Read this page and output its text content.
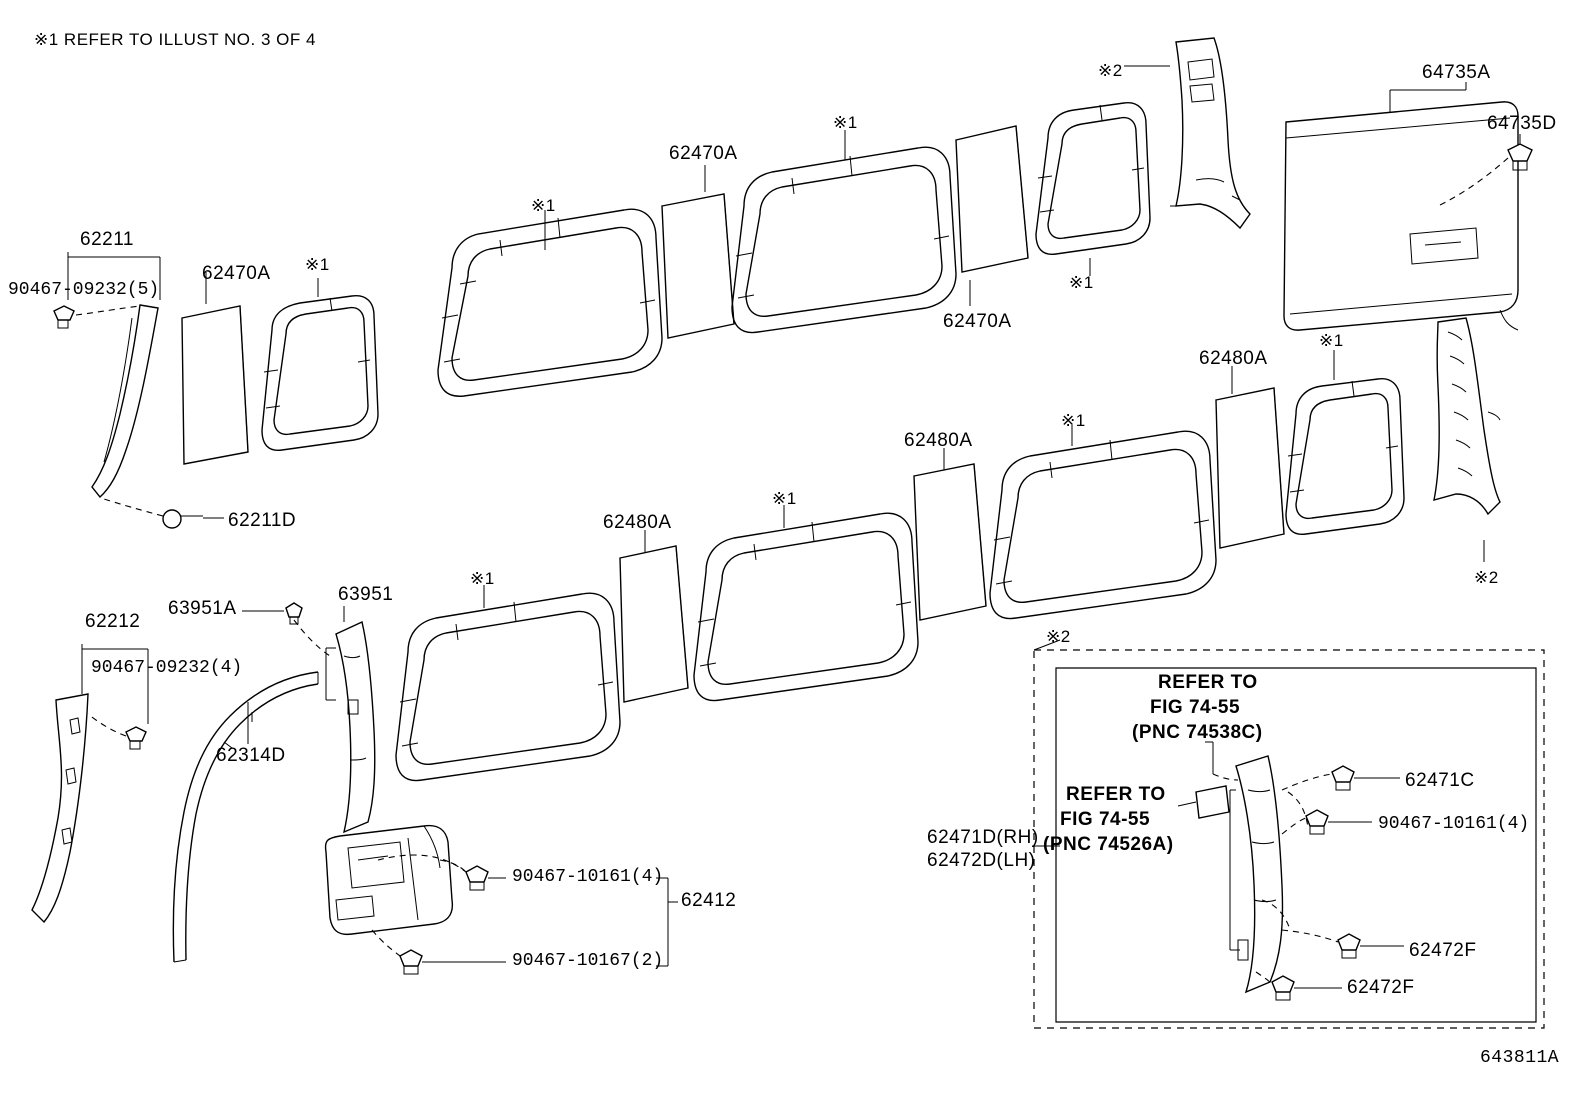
※1 REFER TO ILLUST NO. 3 OF 4
90467-09232(5)
62211
62470A ※1
62211D
※1
62470A
※1
62470A
※1
※2	64735A
64735D
62480A
※1
※2
62480A
※1
62480A
※1
※1
63951A
63951
62212
90467-09232(4)
62314D
90467-10161(4)
62412
90467-10167(2)
※2
REFER TO
FIG 74-55
(PNC 74538C)
REFER TO
FIG 74-55
(PNC 74526A)
62471C
90467-10161(4)
62471D(RH)
62472D(LH)
62472F
62472F
643811A
